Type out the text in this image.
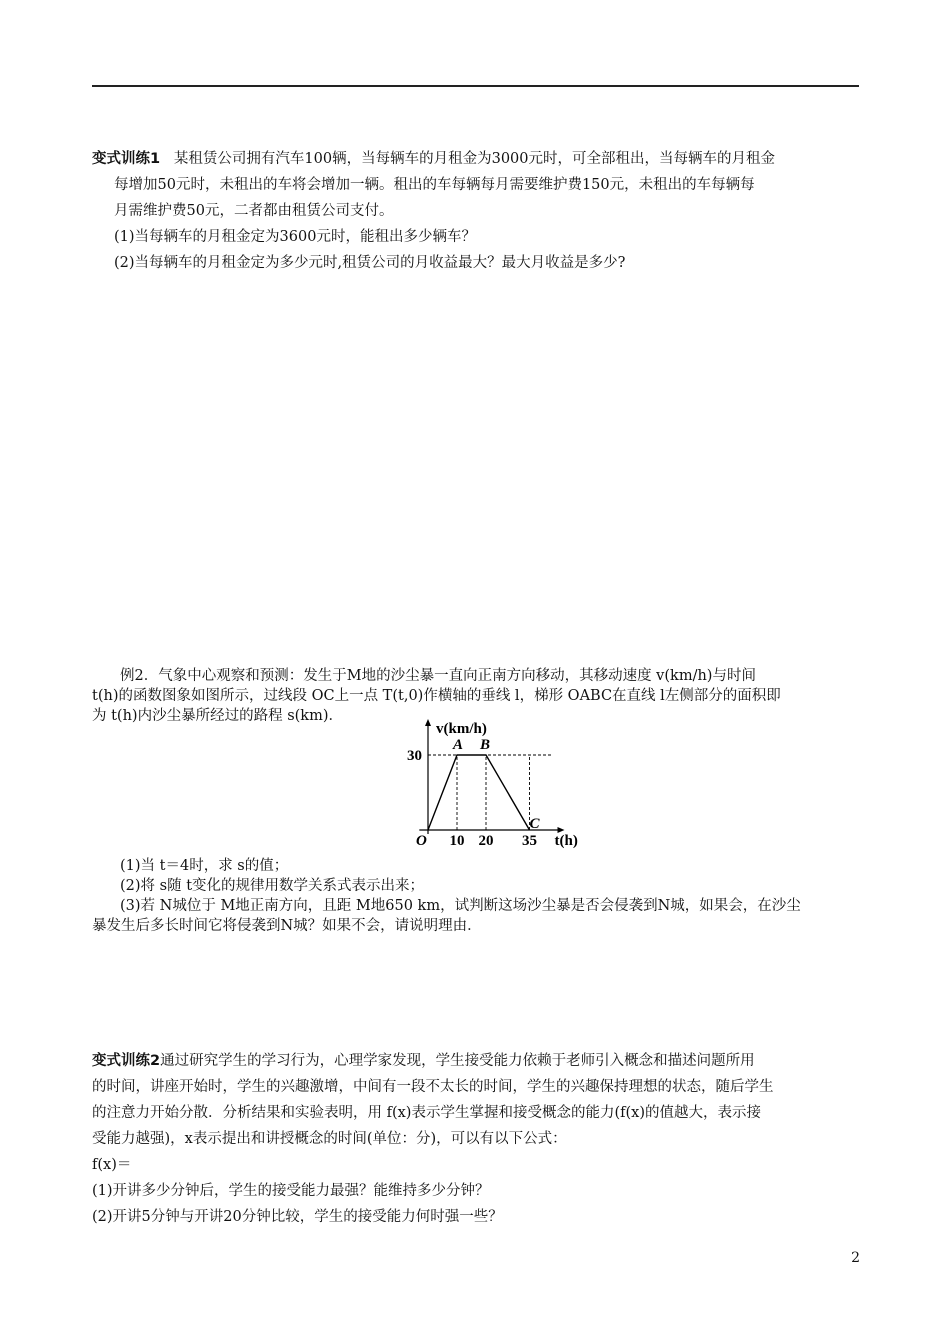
变式训练1 某租赁公司拥有汽车100辆，当每辆车的月租金为3000元时，可全部租出，当每辆车的月租金
每增加50元时，未租出的车将会增加一辆。租出的车每辆每月需要维护费150元，未租出的车每辆每
月需维护费50元，二者都由租赁公司支付。
(1)当每辆车的月租金定为3600元时，能租出多少辆车？
(2)当每辆车的月租金定为多少元时,租赁公司的月收益最大？最大月收益是多少?
例2．气象中心观察和预测：发生于M地的沙尘暴一直向正南方向移动，其移动速度 v(km/h)与时间
t(h)的函数图象如图所示，过线段 OC上一点 T(t,0)作横轴的垂线 l，梯形 OABC在直线 l左侧部分的面积即
为 t(h)内沙尘暴所经过的路程 s(km)．
A B
C
O 10 20 35
30
v(km/h)
t(h)
(1)当 t＝4时，求 s的值；
(2)将 s随 t变化的规律用数学关系式表示出来；
(3)若 N城位于 M地正南方向，且距 M地650 km，试判断这场沙尘暴是否会侵袭到N城，如果会，在沙尘
暴发生后多长时间它将侵袭到N城？如果不会，请说明理由．
变式训练2通过研究学生的学习行为，心理学家发现，学生接受能力依赖于老师引入概念和描述问题所用
的时间，讲座开始时，学生的兴趣激增，中间有一段不太长的时间，学生的兴趣保持理想的状态，随后学生
的注意力开始分散．分析结果和实验表明，用 f(x)表示学生掌握和接受概念的能力(f(x)的值越大，表示接
受能力越强)，x表示提出和讲授概念的时间(单位：分)，可以有以下公式：
f(x)＝
(1)开讲多少分钟后，学生的接受能力最强？能维持多少分钟？
(2)开讲5分钟与开讲20分钟比较，学生的接受能力何时强一些？
2
